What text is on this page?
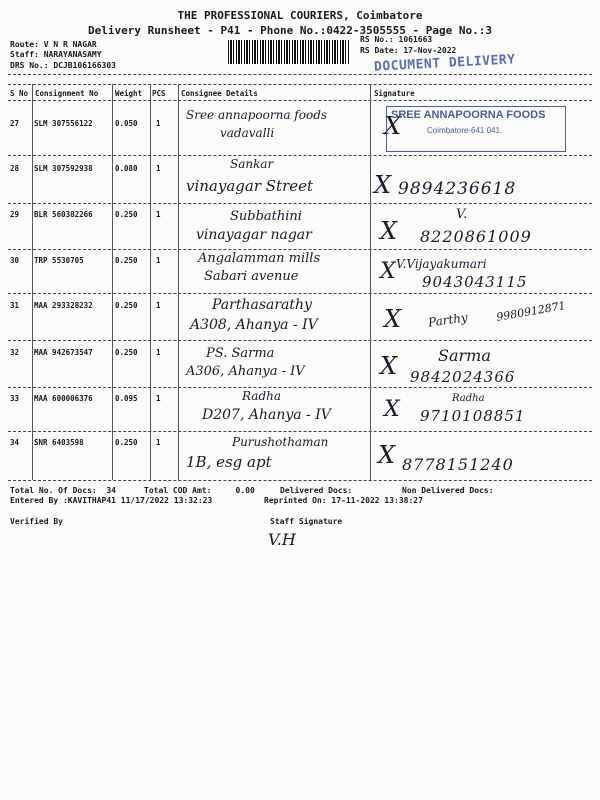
THE PROFESSIONAL COURIERS, Coimbatore
Delivery Runsheet - P41 - Phone No.:0422-3505555 - Page No.:3
Route: V N R NAGAR
Staff: NARAYANASAMY
DRS No.: DCJB106166303
RS No.: 1061663
RS Date: 17-Nov-2022
DOCUMENT DELIVERY
S No Consignment No Weight PCS Consignee Details	Signature
27 SLM 307556122	0.050 1
Sree annapoorna foods
vadavalli	X
SREE ANNAPOORNA FOODS
Coimbatore-641 041.
28 SLM 307592938	0.080 1	Sankar
vinayagar Street	X 9894236618
29 BLR 560382266	0.250 1	Subbathini
vinayagar nagar	X
V.
8220861009
30 TRP 5530705	0.250 1	Angalamman mills
Sabari avenue	X V.Vijayakumari
9043043115
31 MAA 293328232	0.250 1	Parthasarathy
A308, Ahanya - IV	X Parthy 9980912871
32 MAA 942673547	0.250 1	PS. Sarma
A306, Ahanya - IV	X	Sarma
9842024366
33 MAA 600006376	0.095 1	Radha
D207, Ahanya - IV X	Radha
9710108851
34 SNR 6403598	0.250 1	Purushothaman
1B, esg apt	X 8778151240
Total No. Of Docs:  34	Total COD Amt:     0.00	Delivered Docs:	Non Delivered Docs:
Entered By :KAVITHAP41 11/17/2022 13:32:23	Reprinted On: 17-11-2022 13:38:27
Verified By	Staff Signature
V.H
